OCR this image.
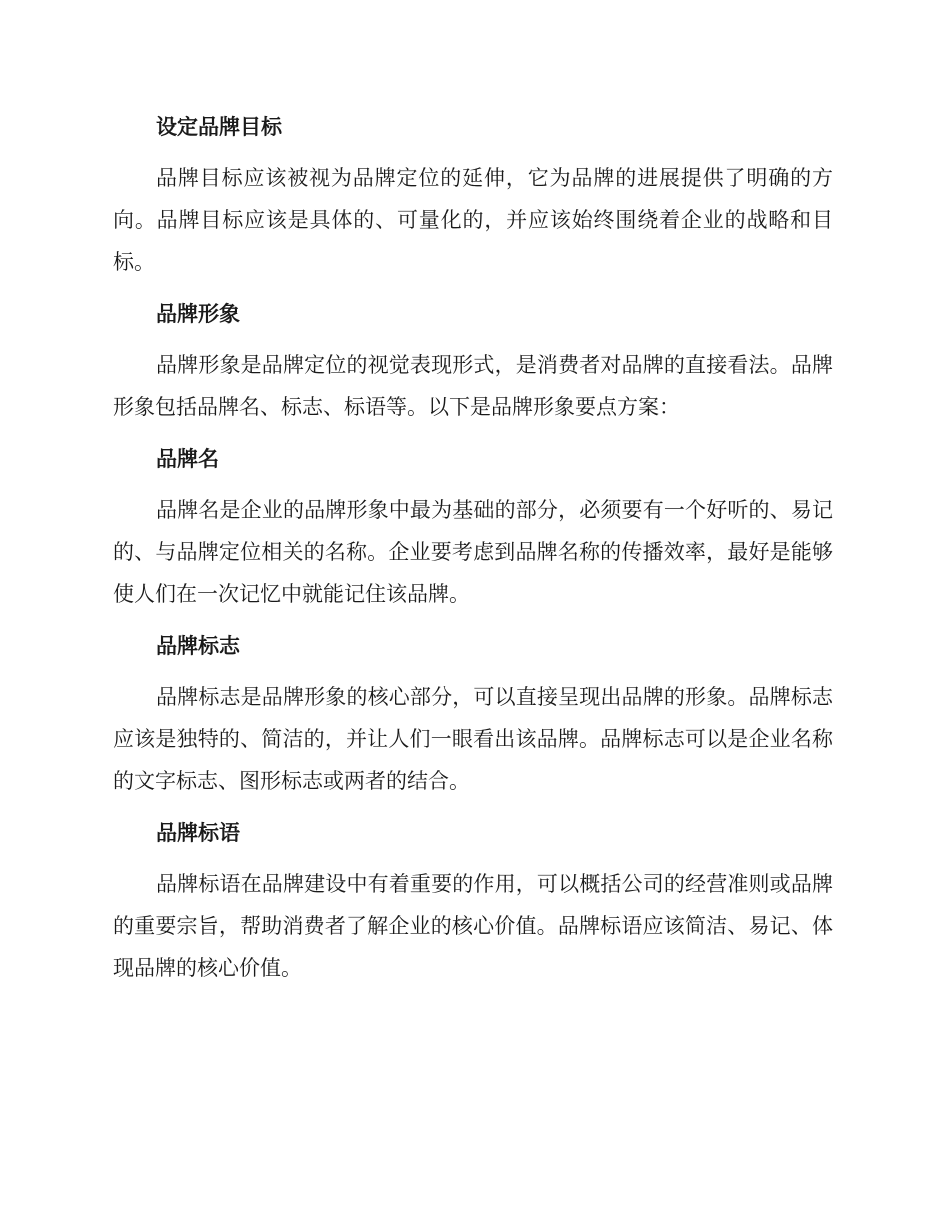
设定品牌目标

品牌目标应该被视为品牌定位的延伸，它为品牌的进展提供了明确的方向。品牌目标应该是具体的、可量化的，并应该始终围绕着企业的战略和目标。

品牌形象

品牌形象是品牌定位的视觉表现形式，是消费者对品牌的直接看法。品牌形象包括品牌名、标志、标语等。以下是品牌形象要点方案：

品牌名

品牌名是企业的品牌形象中最为基础的部分，必须要有一个好听的、易记的、与品牌定位相关的名称。企业要考虑到品牌名称的传播效率，最好是能够使人们在一次记忆中就能记住该品牌。

品牌标志

品牌标志是品牌形象的核心部分，可以直接呈现出品牌的形象。品牌标志应该是独特的、简洁的，并让人们一眼看出该品牌。品牌标志可以是企业名称的文字标志、图形标志或两者的结合。

品牌标语

品牌标语在品牌建设中有着重要的作用，可以概括公司的经营准则或品牌的重要宗旨，帮助消费者了解企业的核心价值。品牌标语应该简洁、易记、体现品牌的核心价值。
